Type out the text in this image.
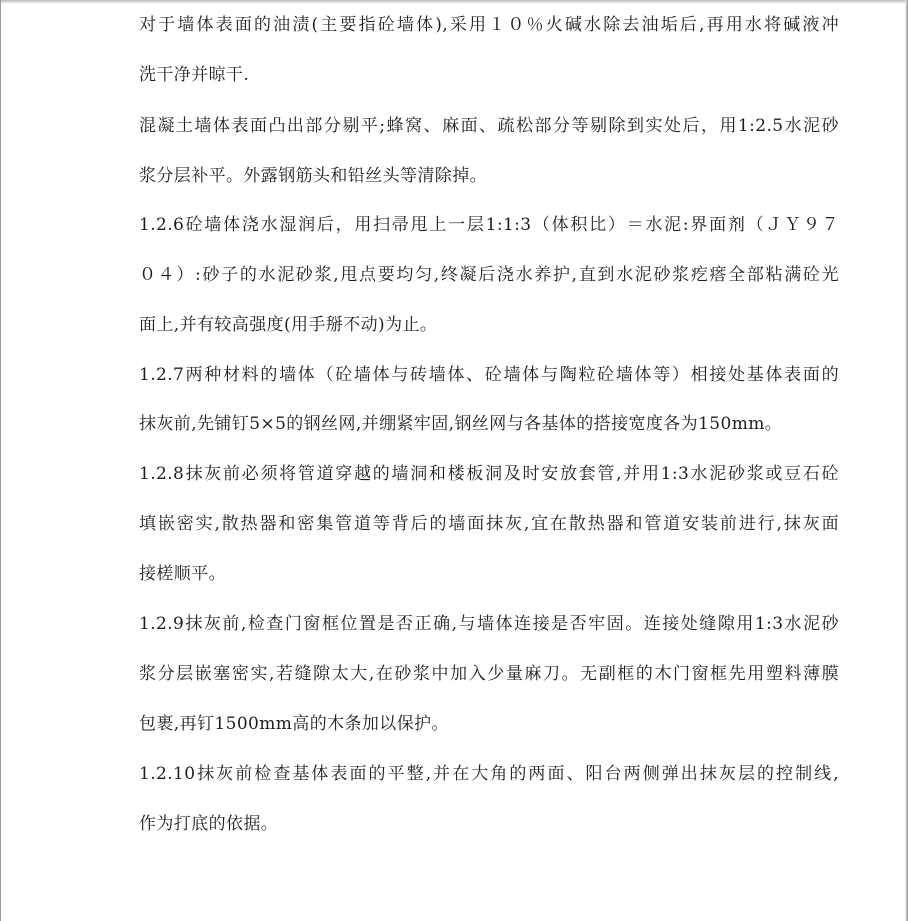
对于墙体表面的油渍(主要指砼墙体),采用１０％火碱水除去油垢后,再用水将碱液冲
洗干净并晾干.
混凝土墙体表面凸出部分剔平;蜂窝、麻面、疏松部分等剔除到实处后，用1:2.5水泥砂
浆分层补平。外露钢筋头和铅丝头等清除掉。
1.2.6砼墙体浇水湿润后，用扫帚甩上一层1:1:3（体积比）＝水泥:界面剂（ＪＹ９７
０４）:砂子的水泥砂浆,甩点要均匀,终凝后浇水养护,直到水泥砂浆疙瘩全部粘满砼光
面上,并有较高强度(用手掰不动)为止。
1.2.7两种材料的墙体（砼墙体与砖墙体、砼墙体与陶粒砼墙体等）相接处基体表面的
抹灰前,先铺钉5×5的钢丝网,并绷紧牢固,钢丝网与各基体的搭接宽度各为150mm。
1.2.8抹灰前必须将管道穿越的墙洞和楼板洞及时安放套管,并用1:3水泥砂浆或豆石砼
填嵌密实,散热器和密集管道等背后的墙面抹灰,宜在散热器和管道安装前进行,抹灰面
接槎顺平。
1.2.9抹灰前,检查门窗框位置是否正确,与墙体连接是否牢固。连接处缝隙用1:3水泥砂
浆分层嵌塞密实,若缝隙太大,在砂浆中加入少量麻刀。无副框的木门窗框先用塑料薄膜
包裹,再钉1500mm高的木条加以保护。
1.2.10抹灰前检查基体表面的平整,并在大角的两面、阳台两侧弹出抹灰层的控制线,
作为打底的依据。
